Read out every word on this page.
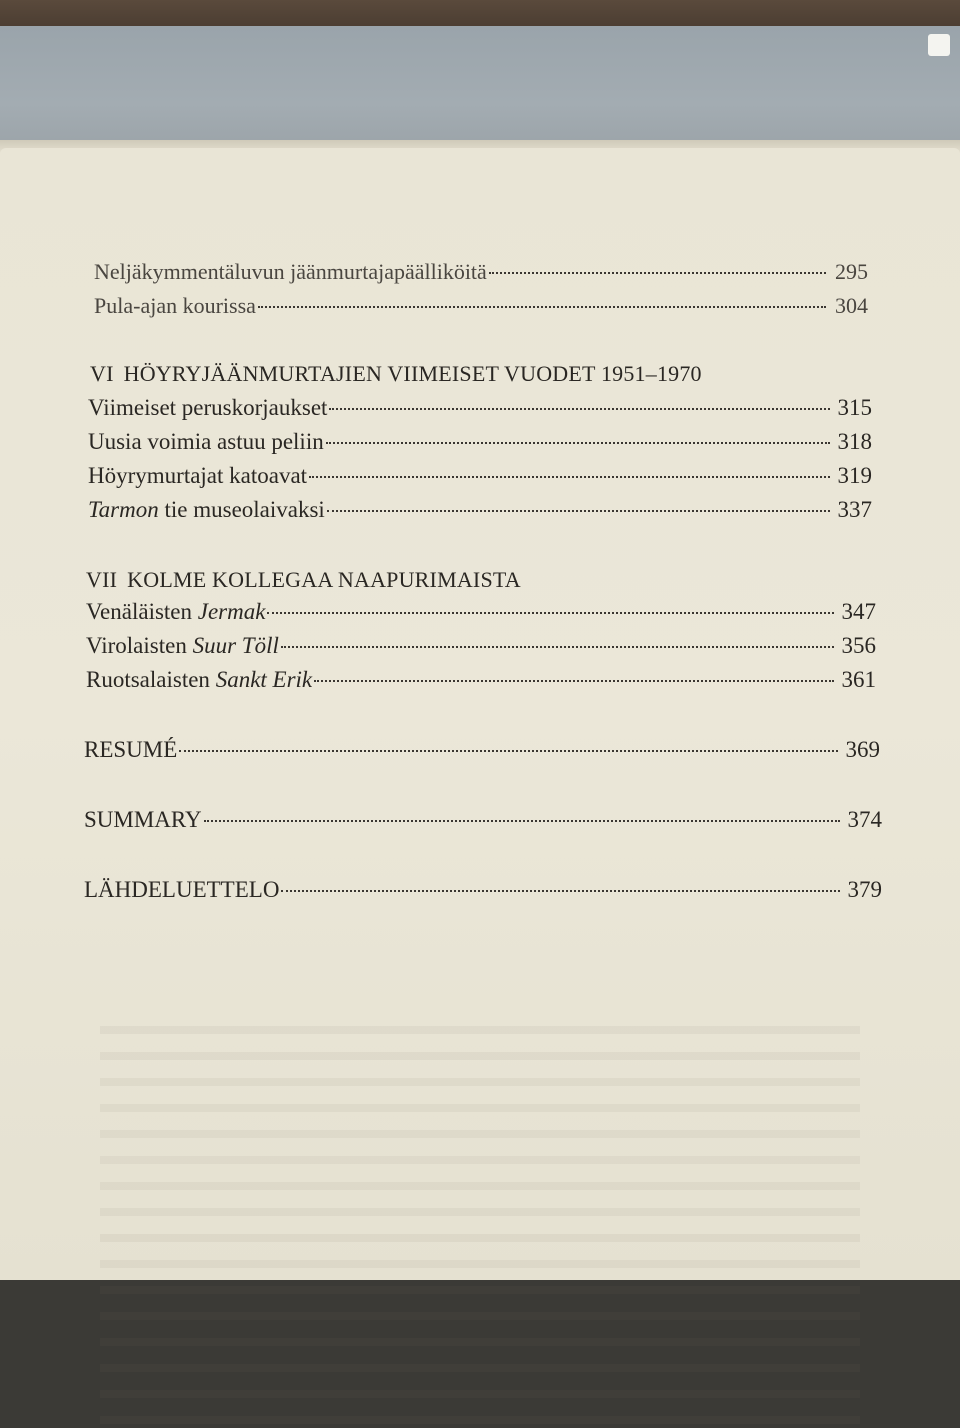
Neljäkymmentäluvun jäänmurtajapäälliköitä	295
Pula-ajan kourissa	304
VI HÖYRYJÄÄNMURTAJIEN VIIMEISET VUODET 1951–1970
Viimeiset peruskorjaukset	315
Uusia voimia astuu peliin	318
Höyrymurtajat katoavat	319
Tarmon tie museolaivaksi	337
VII KOLME KOLLEGAA NAAPURIMAISTA
Venäläisten Jermak	347
Virolaisten Suur Töll	356
Ruotsalaisten Sankt Erik	361
RESUMÉ	369
SUMMARY	374
LÄHDELUETTELO	379
